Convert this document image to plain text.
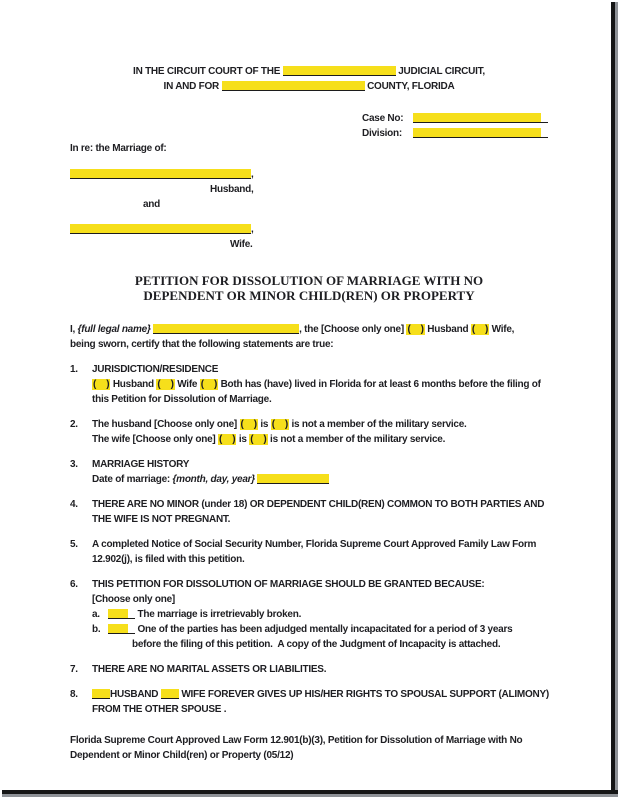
IN THE CIRCUIT COURT OF THE	JUDICIAL CIRCUIT,
IN AND FOR	COUNTY, FLORIDA
Case No:
Division:
In re: the Marriage of:
,
Husband,
and
,
Wife.
PETITION FOR DISSOLUTION OF MARRIAGE WITH NO
DEPENDENT OR MINOR CHILD(REN) OR PROPERTY
I, {full legal name}	, the [Choose only one] (    ) Husband (    ) Wife,
being sworn, certify that the following statements are true:
1.	JURISDICTION/RESIDENCE
(    ) Husband (    ) Wife (    ) Both has (have) lived in Florida for at least 6 months before the filing of
this Petition for Dissolution of Marriage.
2.	The husband [Choose only one] (    ) is (    ) is not a member of the military service.
The wife [Choose only one] (    ) is (    ) is not a member of the military service.
3.	MARRIAGE HISTORY
Date of marriage: {month, day, year}
4.	THERE ARE NO MINOR (under 18) OR DEPENDENT CHILD(REN) COMMON TO BOTH PARTIES AND
THE WIFE IS NOT PREGNANT.
5.	A completed Notice of Social Security Number, Florida Supreme Court Approved Family Law Form
12.902(j), is filed with this petition.
6.	THIS PETITION FOR DISSOLUTION OF MARRIAGE SHOULD BE GRANTED BECAUSE:
[Choose only one]
a.	The marriage is irretrievably broken.
b.	One of the parties has been adjudged mentally incapacitated for a period of 3 years
before the filing of this petition.  A copy of the Judgment of Incapacity is attached.
7.	THERE ARE NO MARITAL ASSETS OR LIABILITIES.
8.	HUSBAND WIFE FOREVER GIVES UP HIS/HER RIGHTS TO SPOUSAL SUPPORT (ALIMONY)
FROM THE OTHER SPOUSE .
Florida Supreme Court Approved Law Form 12.901(b)(3), Petition for Dissolution of Marriage with No
Dependent or Minor Child(ren) or Property (05/12)
